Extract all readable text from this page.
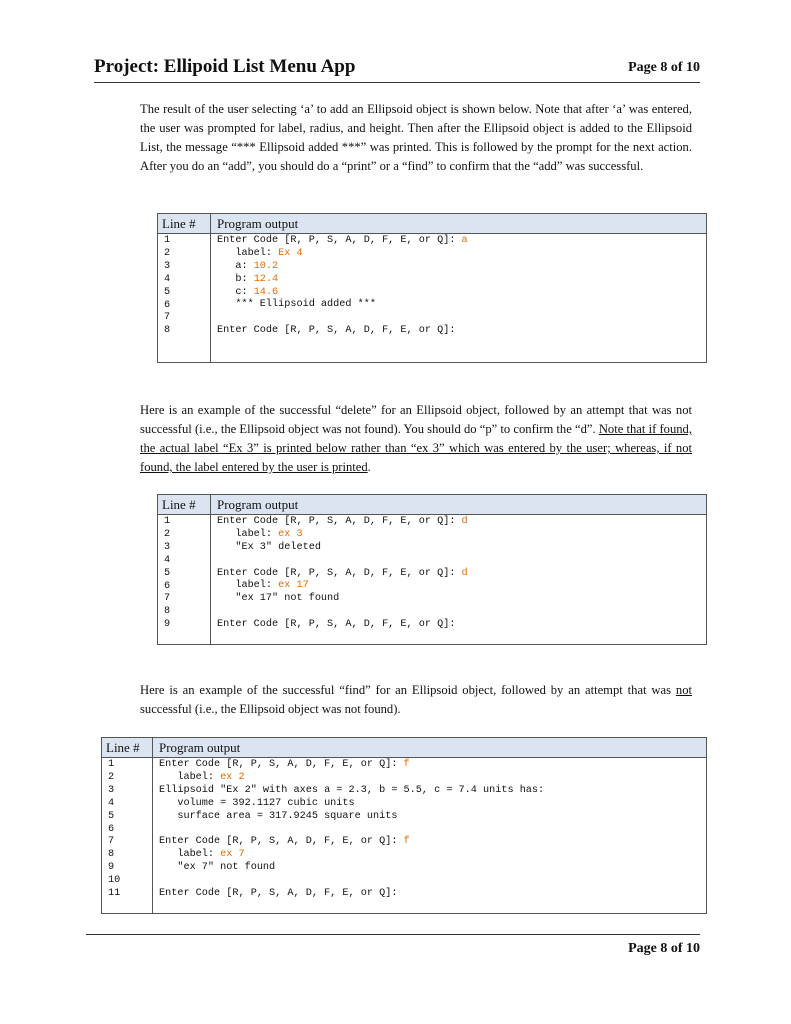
Project: Ellipoid List Menu App	Page 8 of 10

The result of the user selecting ‘a’ to add an Ellipsoid object is shown below. Note that after ‘a’ was entered, the user was prompted for label, radius, and height. Then after the Ellipsoid object is added to the Ellipsoid List, the message “*** Ellipsoid added ***” was printed. This is followed by the prompt for the next action. After you do an “add”, you should do a “print” or a “find” to confirm that the “add” was successful.

Line # Program output
1
2
3
4
5
6
7
8
Enter Code [R, P, S, A, D, F, E, or Q]: a
label: Ex 4
a: 10.2
b: 12.4
c: 14.6
*** Ellipsoid added ***
Enter Code [R, P, S, A, D, F, E, or Q]:

Here is an example of the successful “delete” for an Ellipsoid object, followed by an attempt that was not successful (i.e., the Ellipsoid object was not found). You should do “p” to confirm the “d”. Note that if found, the actual label “Ex 3” is printed below rather than “ex 3” which was entered by the user; whereas, if not found, the label entered by the user is printed.

Line # Program output
1
2
3
4
5
6
7
8
9
Enter Code [R, P, S, A, D, F, E, or Q]: d
label: ex 3
"Ex 3" deleted
Enter Code [R, P, S, A, D, F, E, or Q]: d
label: ex 17
"ex 17" not found
Enter Code [R, P, S, A, D, F, E, or Q]:

Here is an example of the successful “find” for an Ellipsoid object, followed by an attempt that was not successful (i.e., the Ellipsoid object was not found).

Line # Program output
1
2
3
4
5
6
7
8
9
10
11
Enter Code [R, P, S, A, D, F, E, or Q]: f
label: ex 2
Ellipsoid "Ex 2" with axes a = 2.3, b = 5.5, c = 7.4 units has:
volume = 392.1127 cubic units
surface area = 317.9245 square units
Enter Code [R, P, S, A, D, F, E, or Q]: f
label: ex 7
"ex 7" not found
Enter Code [R, P, S, A, D, F, E, or Q]:
Page 8 of 10
